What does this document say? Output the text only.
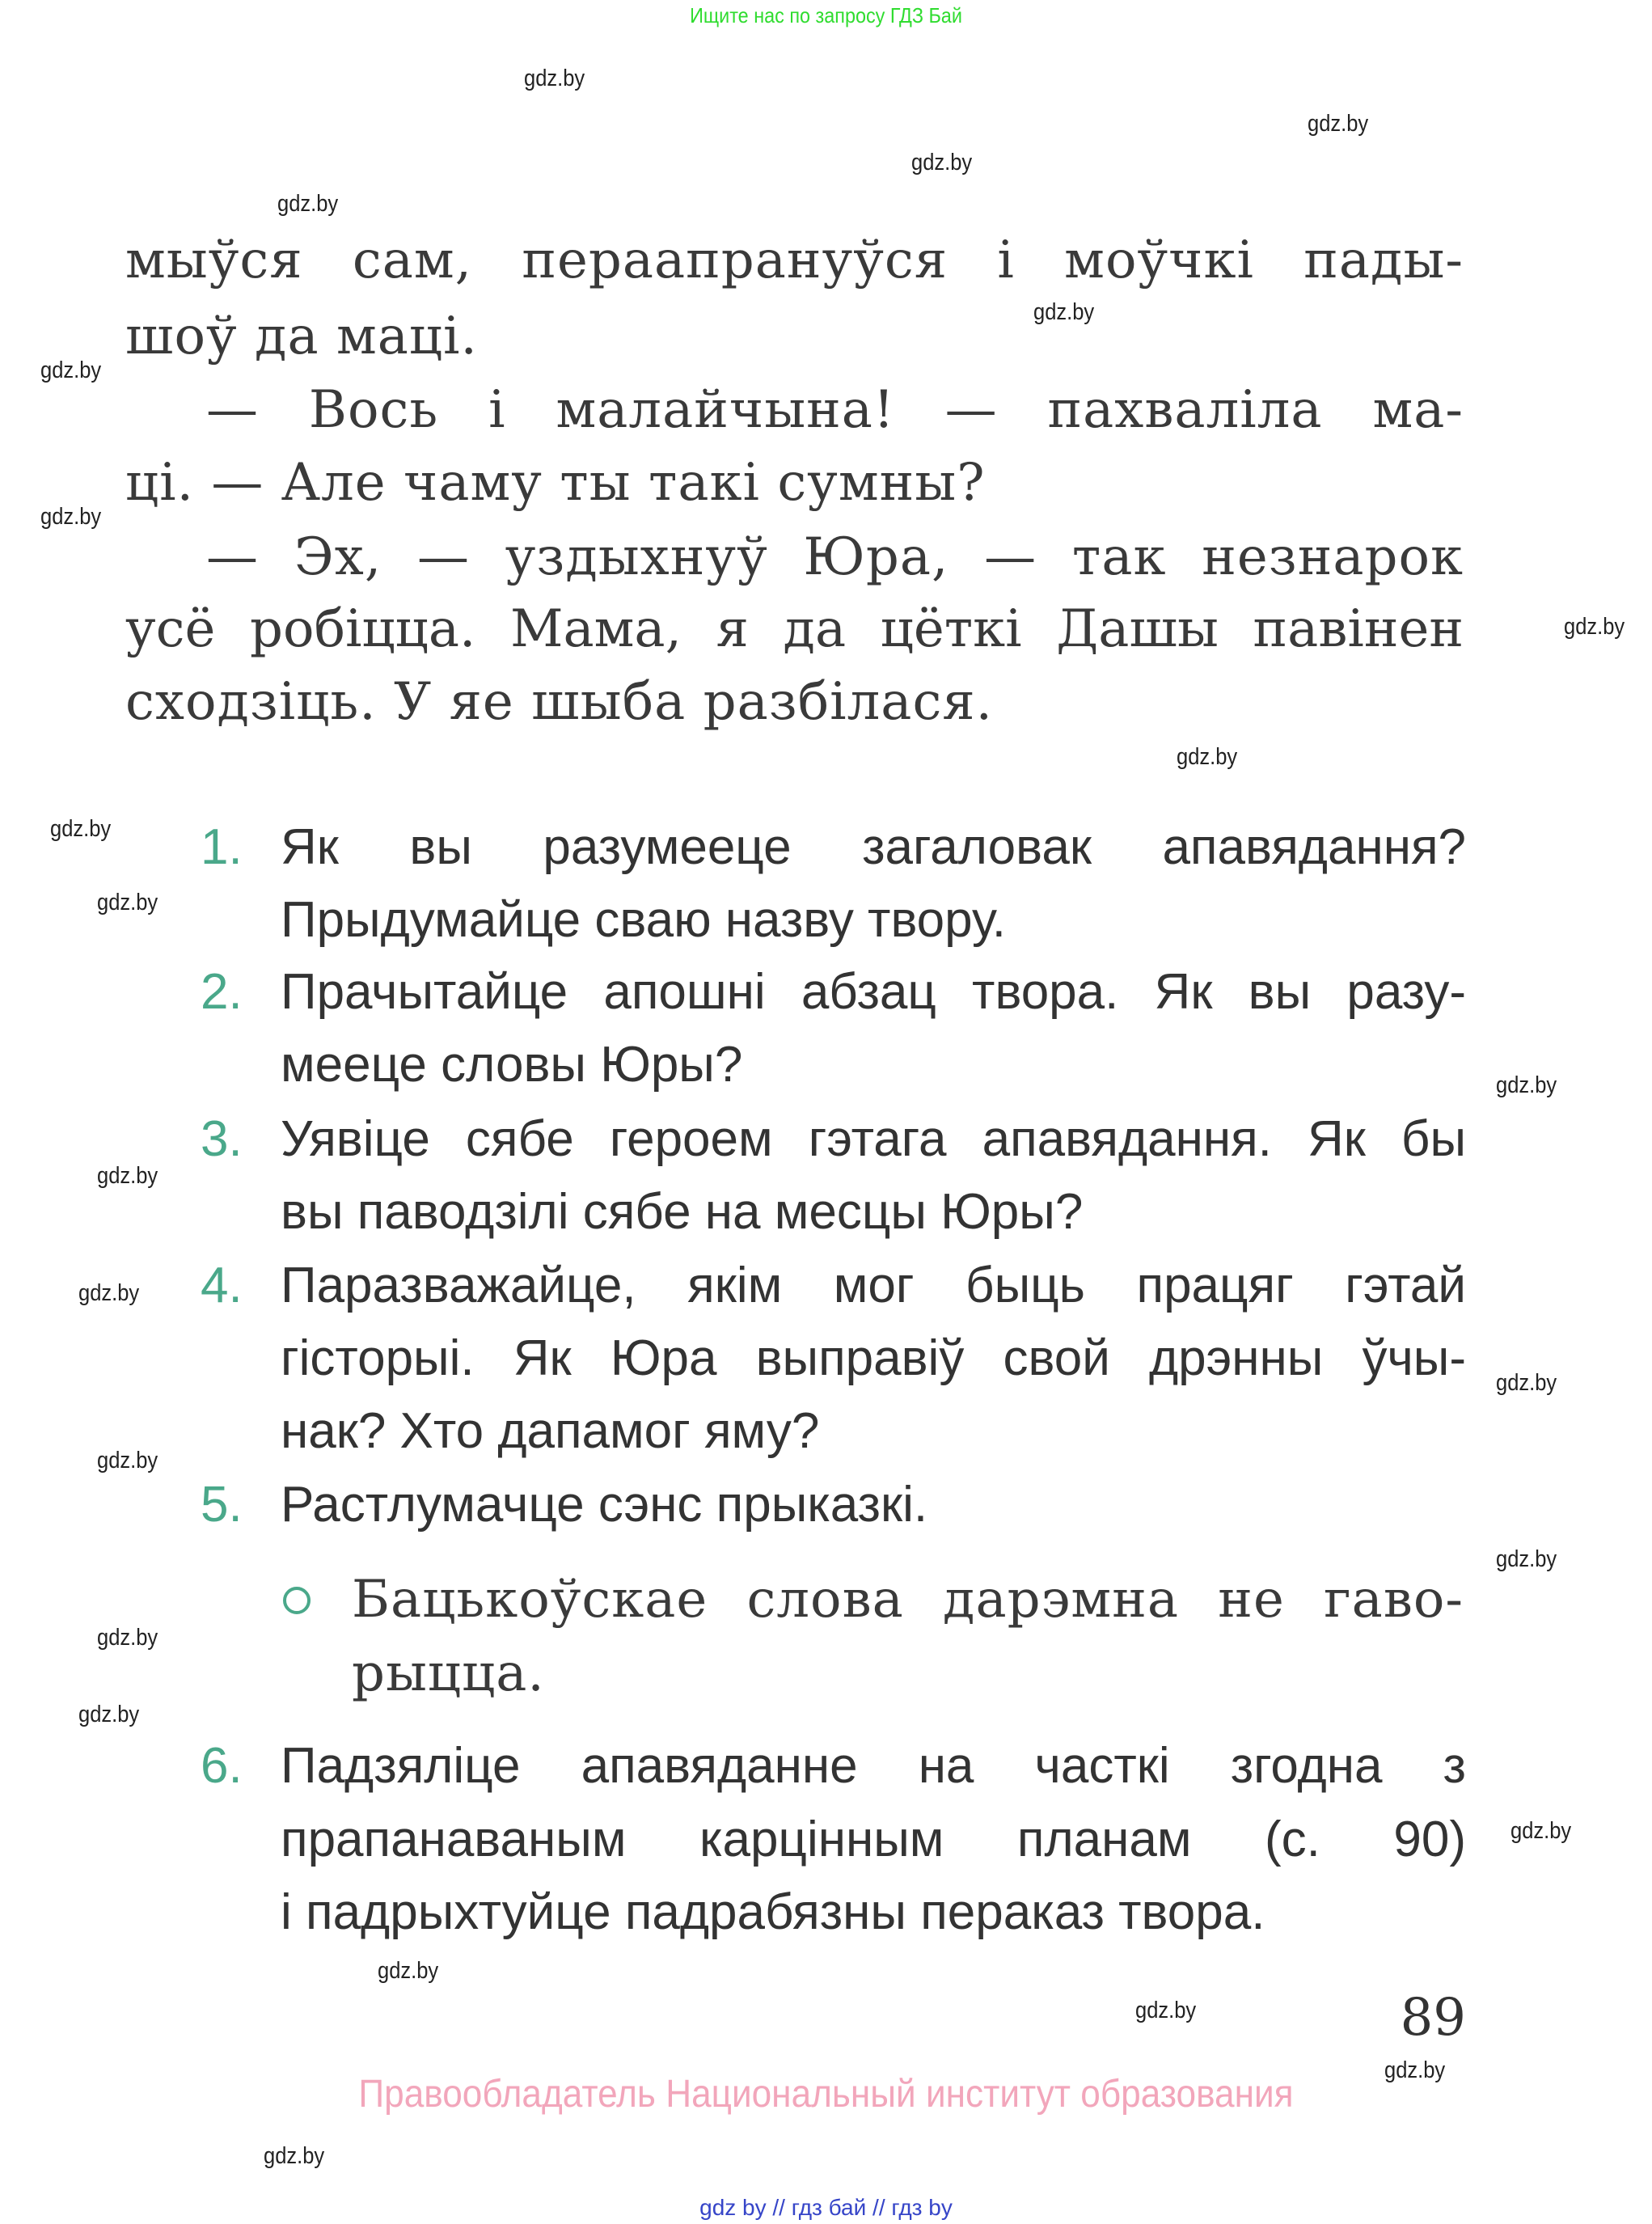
Ищите нас по запросу ГДЗ Бай
мыўся сам, пераапрануўся і моўчкі пады-
шоў да маці.
— Вось і малайчына! — пахваліла ма-
ці. — Але чаму ты такі сумны?
— Эх, — уздыхнуў Юра, — так незнарок
усё робіцца. Мама, я да цёткі Дашы павінен
сходзіць. У яе шыба разбілася.
1. Як вы разумееце загаловак апавядання?
Прыдумайце сваю назву твору.
2. Прачытайце апошні абзац твора. Як вы разу-
мееце словы Юры?
3. Уявіце сябе героем гэтага апавядання. Як бы
вы паводзілі сябе на месцы Юры?
4. Паразважайце, якім мог быць працяг гэтай
гісторыі. Як Юра выправіў свой дрэнны ўчы-
нак? Хто дапамог яму?
5. Растлумачце сэнс прыказкі.
Бацькоўскае слова дарэмна не гаво-
рыцца.
6. Падзяліце апавяданне на часткі згодна з
прапанаваным карцінным планам (с. 90)
і падрыхтуйце падрабязны пераказ твора.
89
Правообладатель Национальный институт образования
gdz by // гдз бай // гдз by
gdz.by
gdz.by
gdz.by
gdz.by
gdz.by
gdz.by
gdz.by
gdz.by
gdz.by
gdz.by
gdz.by
gdz.by
gdz.by
gdz.by
gdz.by
gdz.by
gdz.by
gdz.by
gdz.by
gdz.by
gdz.by
gdz.by
gdz.by
gdz.by
